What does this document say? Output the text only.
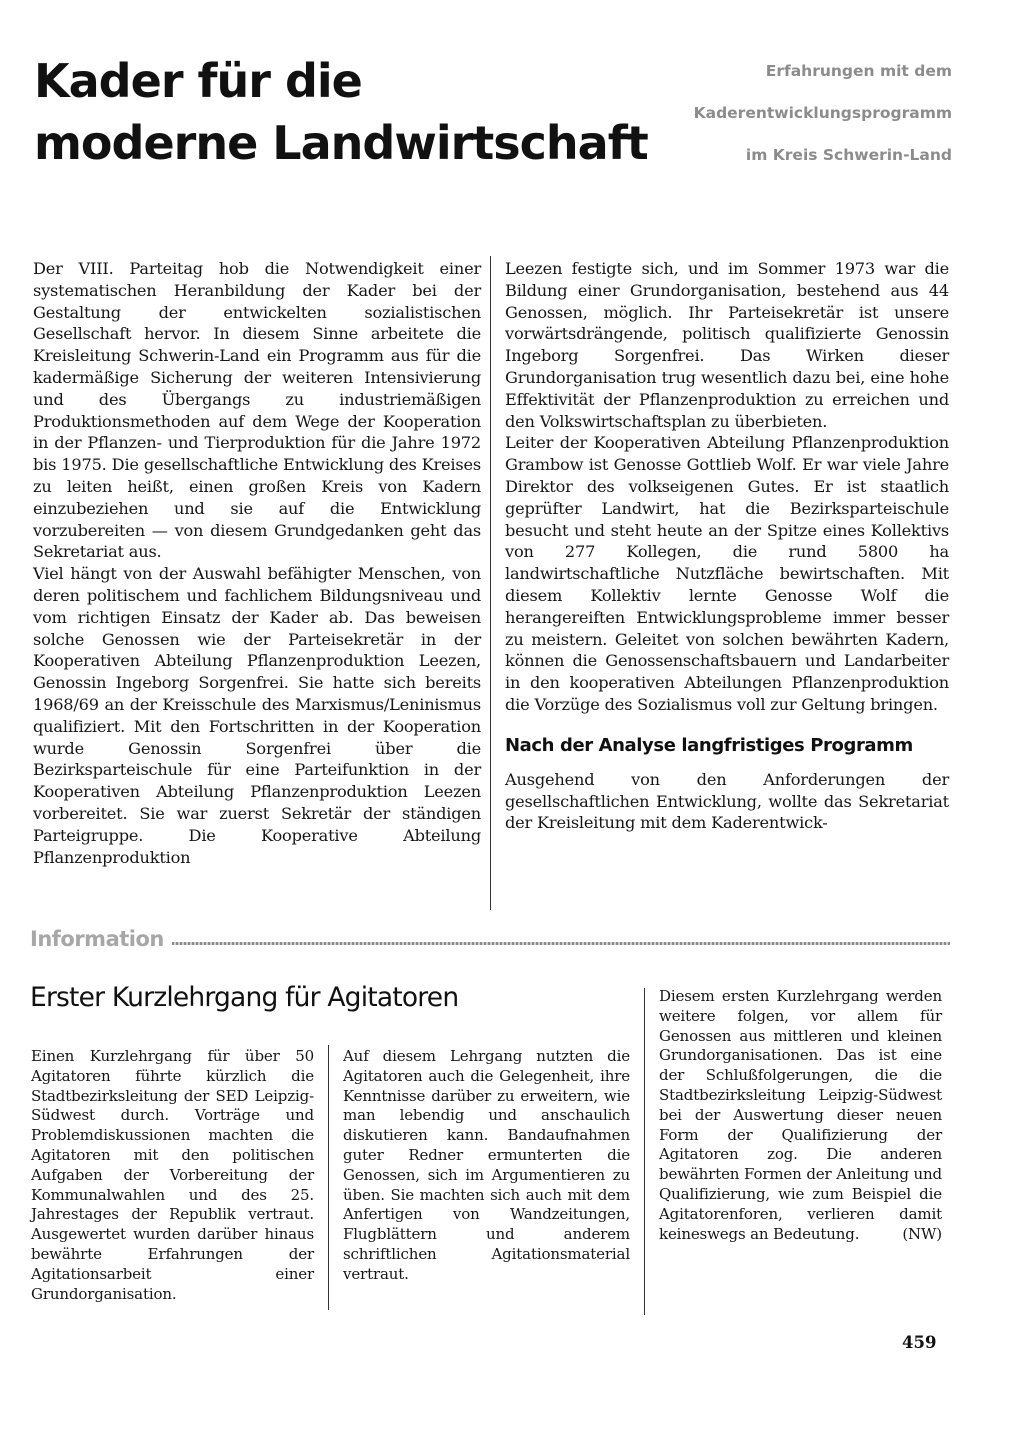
Kader für die
moderne Landwirtschaft
Erfahrungen mit dem
Kaderentwicklungsprogramm
im Kreis Schwerin-Land

Der VIII. Parteitag hob die Notwendigkeit einer systematischen Heranbildung der Kader bei der Gestaltung der entwickelten sozialistischen Gesellschaft hervor. In diesem Sinne arbeitete die Kreisleitung Schwerin-Land ein Programm aus für die kadermäßige Sicherung der weiteren Intensivierung und des Übergangs zu industriemäßigen Produktionsmethoden auf dem Wege der Kooperation in der Pflanzen- und Tierproduktion für die Jahre 1972 bis 1975. Die gesellschaftliche Entwicklung des Kreises zu leiten heißt, einen großen Kreis von Kadern einzubeziehen und sie auf die Entwicklung vorzubereiten — von diesem Grundgedanken geht das Sekretariat aus.

Viel hängt von der Auswahl befähigter Menschen, von deren politischem und fachlichem Bildungsniveau und vom richtigen Einsatz der Kader ab. Das beweisen solche Genossen wie der Parteisekretär in der Kooperativen Abteilung Pflanzenproduktion Leezen, Genossin Ingeborg Sorgenfrei. Sie hatte sich bereits 1968/69 an der Kreisschule des Marxismus/Leninismus qualifiziert. Mit den Fortschritten in der Kooperation wurde Genossin Sorgenfrei über die Bezirksparteischule für eine Parteifunktion in der Kooperativen Abteilung Pflanzenproduktion Leezen vorbereitet. Sie war zuerst Sekretär der ständigen Parteigruppe. Die Kooperative Abteilung Pflanzenproduktion

Leezen festigte sich, und im Sommer 1973 war die Bildung einer Grundorganisation, bestehend aus 44 Genossen, möglich. Ihr Parteisekretär ist unsere vorwärtsdrängende, politisch qualifizierte Genossin Ingeborg Sorgenfrei. Das Wirken dieser Grundorganisation trug wesentlich dazu bei, eine hohe Effektivität der Pflanzenproduktion zu erreichen und den Volkswirtschaftsplan zu überbieten.

Leiter der Kooperativen Abteilung Pflanzenproduktion Grambow ist Genosse Gottlieb Wolf. Er war viele Jahre Direktor des volkseigenen Gutes. Er ist staatlich geprüfter Landwirt, hat die Bezirksparteischule besucht und steht heute an der Spitze eines Kollektivs von 277 Kollegen, die rund 5800 ha landwirtschaftliche Nutzfläche bewirtschaften. Mit diesem Kollektiv lernte Genosse Wolf die herangereiften Entwicklungsprobleme immer besser zu meistern. Geleitet von solchen bewährten Kadern, können die Genossenschaftsbauern und Landarbeiter in den kooperativen Abteilungen Pflanzenproduktion die Vorzüge des Sozialismus voll zur Geltung bringen.

Nach der Analyse langfristiges Programm

Ausgehend von den Anforderungen der gesellschaftlichen Entwicklung, wollte das Sekretariat der Kreisleitung mit dem Kaderentwick-

Information
Erster Kurzlehrgang für Agitatoren

Einen Kurzlehrgang für über 50 Agitatoren führte kürzlich die Stadtbezirksleitung der SED Leipzig-Südwest durch. Vorträge und Problemdiskussionen machten die Agitatoren mit den politischen Aufgaben der Vorbereitung der Kommunalwahlen und des 25. Jahrestages der Republik vertraut. Ausgewertet wurden darüber hinaus bewährte Erfahrungen der Agitationsarbeit einer Grundorganisation.

Auf diesem Lehrgang nutzten die Agitatoren auch die Gelegenheit, ihre Kenntnisse darüber zu erweitern, wie man lebendig und anschaulich diskutieren kann. Bandaufnahmen guter Redner ermunterten die Genossen, sich im Argumentieren zu üben. Sie machten sich auch mit dem Anfertigen von Wandzeitungen, Flugblättern und anderem schriftlichen Agitationsmaterial vertraut.

Diesem ersten Kurzlehrgang werden weitere folgen, vor allem für Genossen aus mittleren und kleinen Grundorganisationen. Das ist eine der Schlußfolgerungen, die die Stadtbezirksleitung Leipzig-Südwest bei der Auswertung dieser neuen Form der Qualifizierung der Agitatoren zog. Die anderen bewährten Formen der Anleitung und Qualifizierung, wie zum Beispiel die Agitatorenforen, verlieren damit keineswegs an Bedeutung.	(NW)

459
